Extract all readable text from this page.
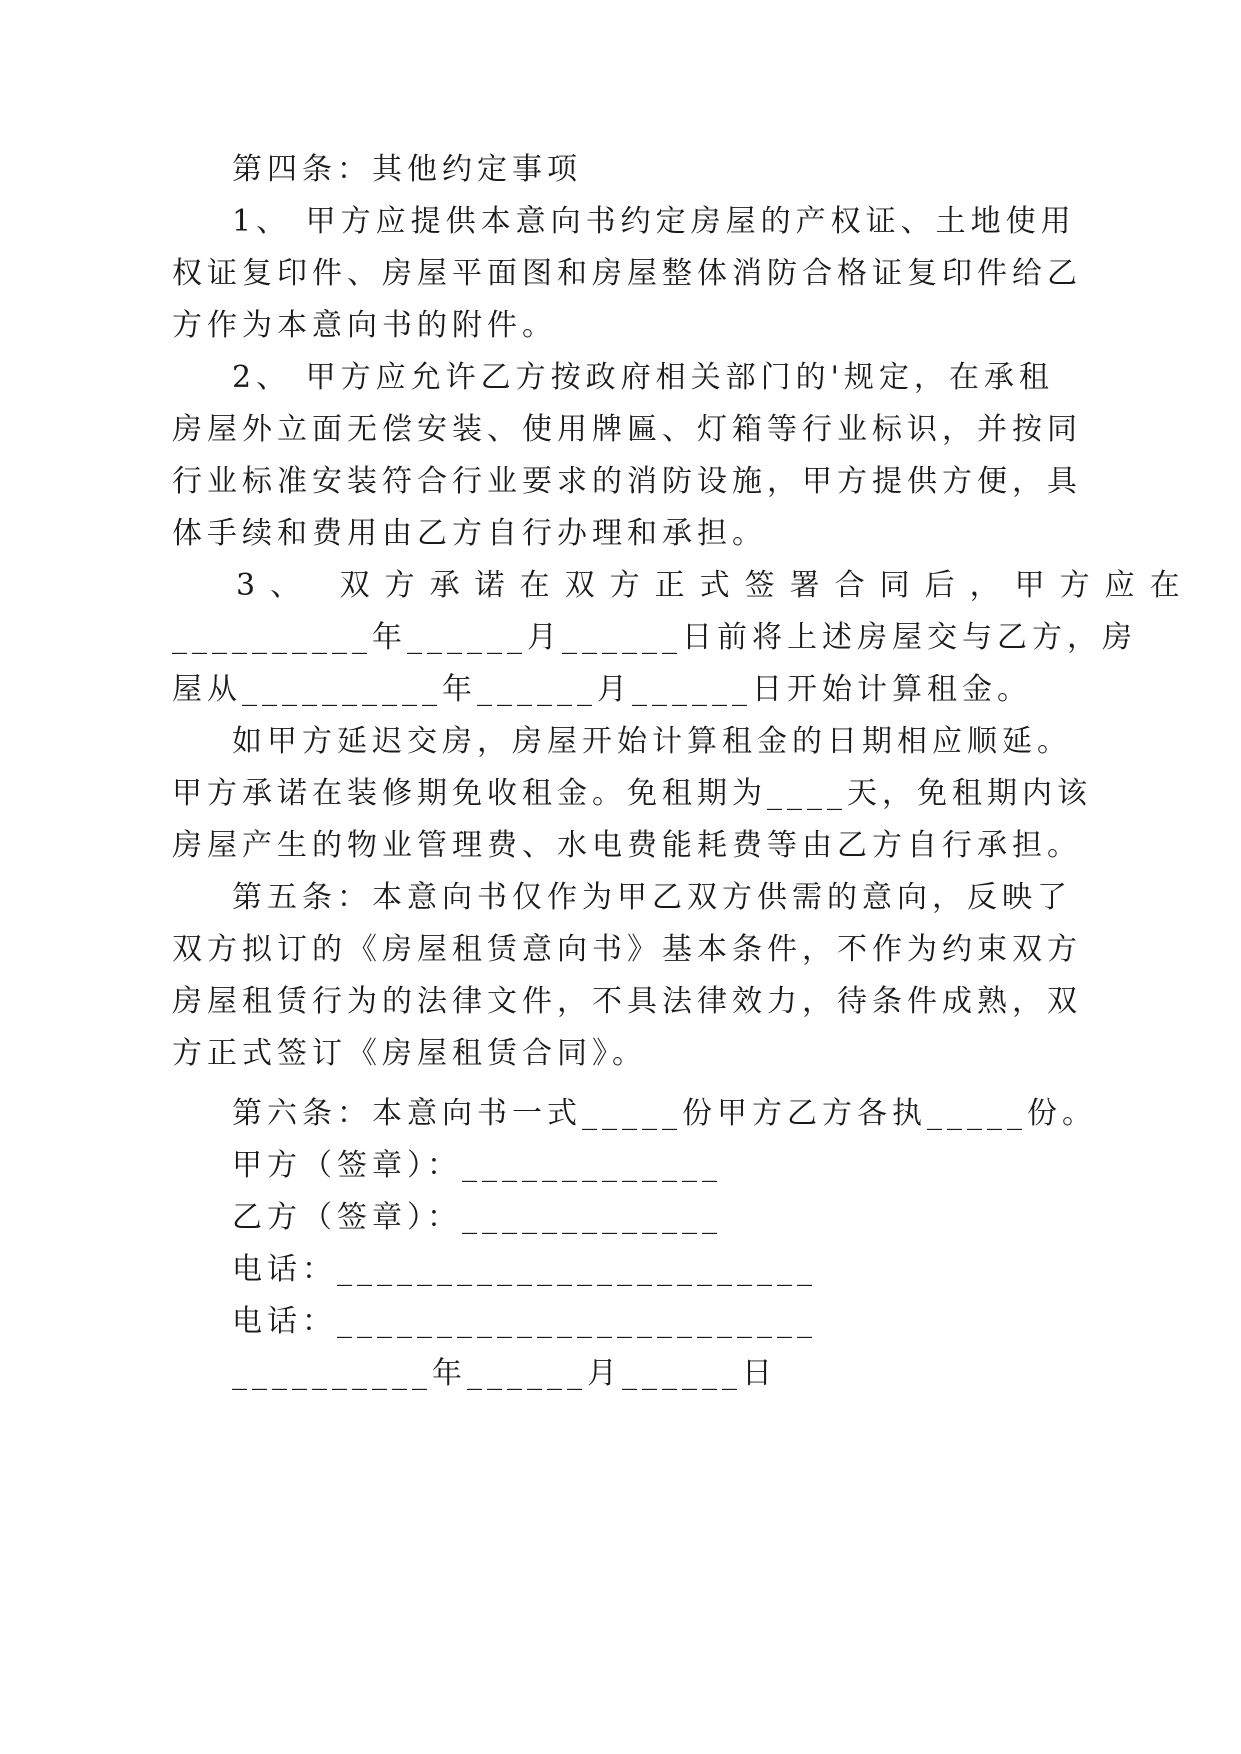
第四条：其他约定事项
1、 甲方应提供本意向书约定房屋的产权证、土地使用
权证复印件、房屋平面图和房屋整体消防合格证复印件给乙
方作为本意向书的附件。
2、 甲方应允许乙方按政府相关部门的'规定，在承租
房屋外立面无偿安装、使用牌匾、灯箱等行业标识，并按同
行业标准安装符合行业要求的消防设施，甲方提供方便，具
体手续和费用由乙方自行办理和承担。
3、 双方承诺在双方正式签署合同后，甲方应在
__________年______月______日前将上述房屋交与乙方，房
屋从__________年______月______日开始计算租金。
如甲方延迟交房，房屋开始计算租金的日期相应顺延。
甲方承诺在装修期免收租金。免租期为____天，免租期内该
房屋产生的物业管理费、水电费能耗费等由乙方自行承担。
第五条：本意向书仅作为甲乙双方供需的意向，反映了
双方拟订的《房屋租赁意向书》基本条件，不作为约束双方
房屋租赁行为的法律文件，不具法律效力，待条件成熟，双
方正式签订《房屋租赁合同》。
第六条：本意向书一式_____份甲方乙方各执_____份。
甲方（签章）：_____________
乙方（签章）：_____________
电话：________________________
电话：________________________
__________年______月______日
